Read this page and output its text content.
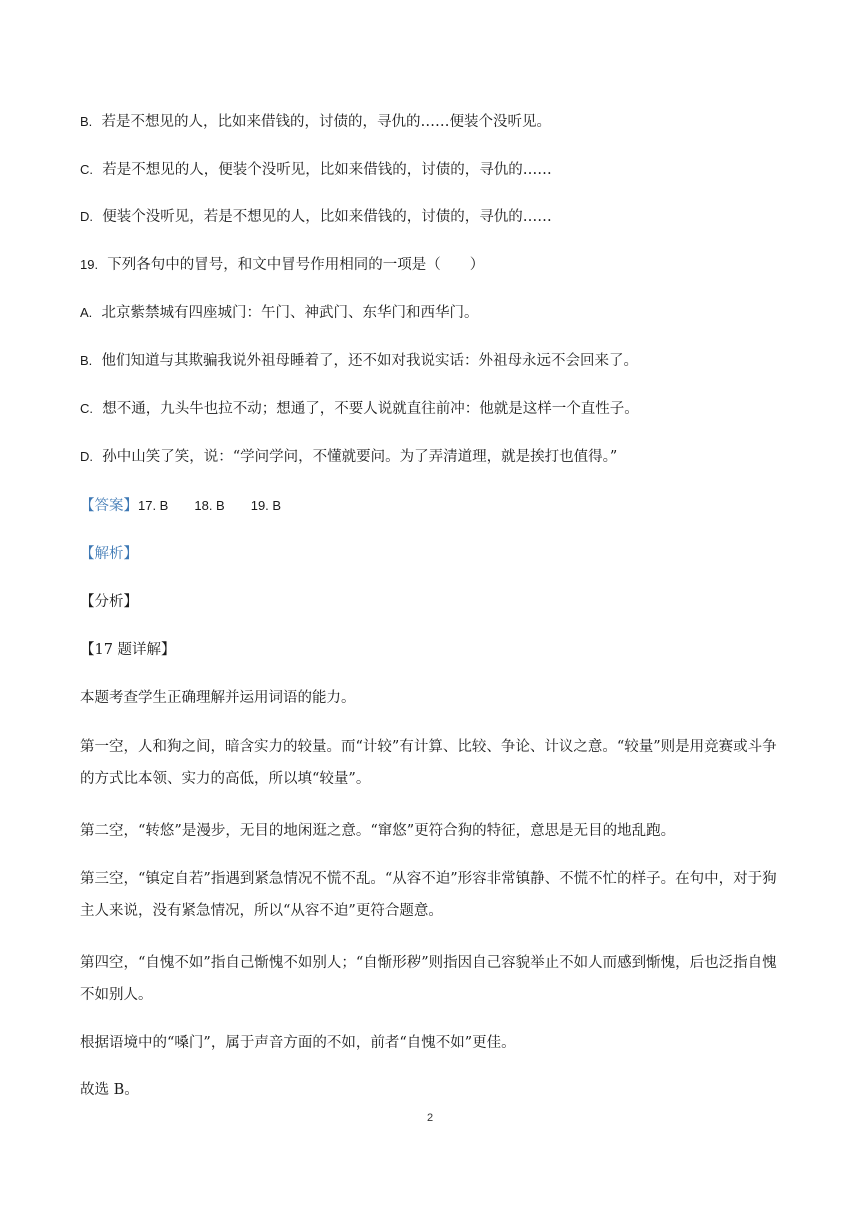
B. 若是不想见的人，比如来借钱的，讨债的，寻仇的……便装个没听见。
C. 若是不想见的人，便装个没听见，比如来借钱的，讨债的，寻仇的……
D. 便装个没听见，若是不想见的人，比如来借钱的，讨债的，寻仇的……
19. 下列各句中的冒号，和文中冒号作用相同的一项是（　　）
A. 北京紫禁城有四座城门：午门、神武门、东华门和西华门。
B. 他们知道与其欺骗我说外祖母睡着了，还不如对我说实话：外祖母永远不会回来了。
C. 想不通，九头牛也拉不动；想通了，不要人说就直往前冲：他就是这样一个直性子。
D. 孙中山笑了笑，说：“学问学问，不懂就要问。为了弄清道理，就是挨打也值得。”
【答案】17. B 18. B 19. B
【解析】
【分析】
【17 题详解】
本题考查学生正确理解并运用词语的能力。
第一空，人和狗之间，暗含实力的较量。而“计较”有计算、比较、争论、计议之意。“较量”则是用竞赛或斗争的方式比本领、实力的高低，所以填“较量”。
第二空，“转悠”是漫步，无目的地闲逛之意。“窜悠”更符合狗的特征，意思是无目的地乱跑。
第三空，“镇定自若”指遇到紧急情况不慌不乱。“从容不迫”形容非常镇静、不慌不忙的样子。在句中，对于狗主人来说，没有紧急情况，所以“从容不迫”更符合题意。
第四空，“自愧不如”指自己惭愧不如别人；“自惭形秽”则指因自己容貌举止不如人而感到惭愧，后也泛指自愧不如别人。
根据语境中的“嗓门”，属于声音方面的不如，前者“自愧不如”更佳。
故选 B。
2
